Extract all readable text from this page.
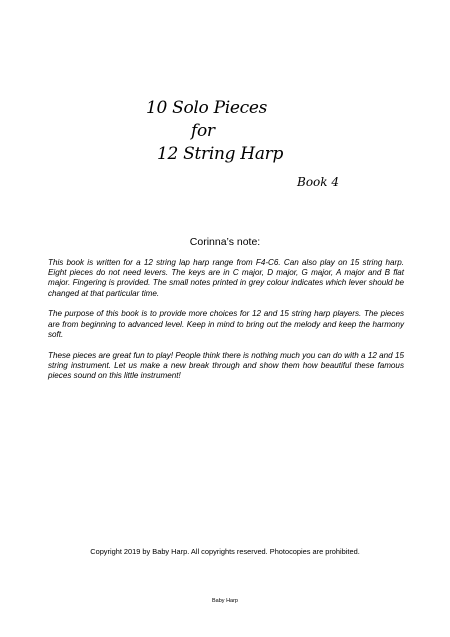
10 Solo Pieces
for
12 String Harp
Book 4
Corinna’s note:

This book is written for a 12 string lap harp range from F4-C6. Can also play on 15 string harp. Eight pieces do not need levers. The keys are in C major, D major, G major, A major and B flat major. Fingering is provided. The small notes printed in grey colour indicates which lever should be changed at that particular time.

The purpose of this book is to provide more choices for 12 and 15 string harp players. The pieces are from beginning to advanced level. Keep in mind to bring out the melody and keep the harmony soft.

These pieces are great fun to play! People think there is nothing much you can do with a 12 and 15 string instrument. Let us make a new break through and show them how beautiful these famous pieces sound on this little instrument!

Copyright 2019 by Baby Harp. All copyrights reserved. Photocopies are prohibited.
Baby Harp
